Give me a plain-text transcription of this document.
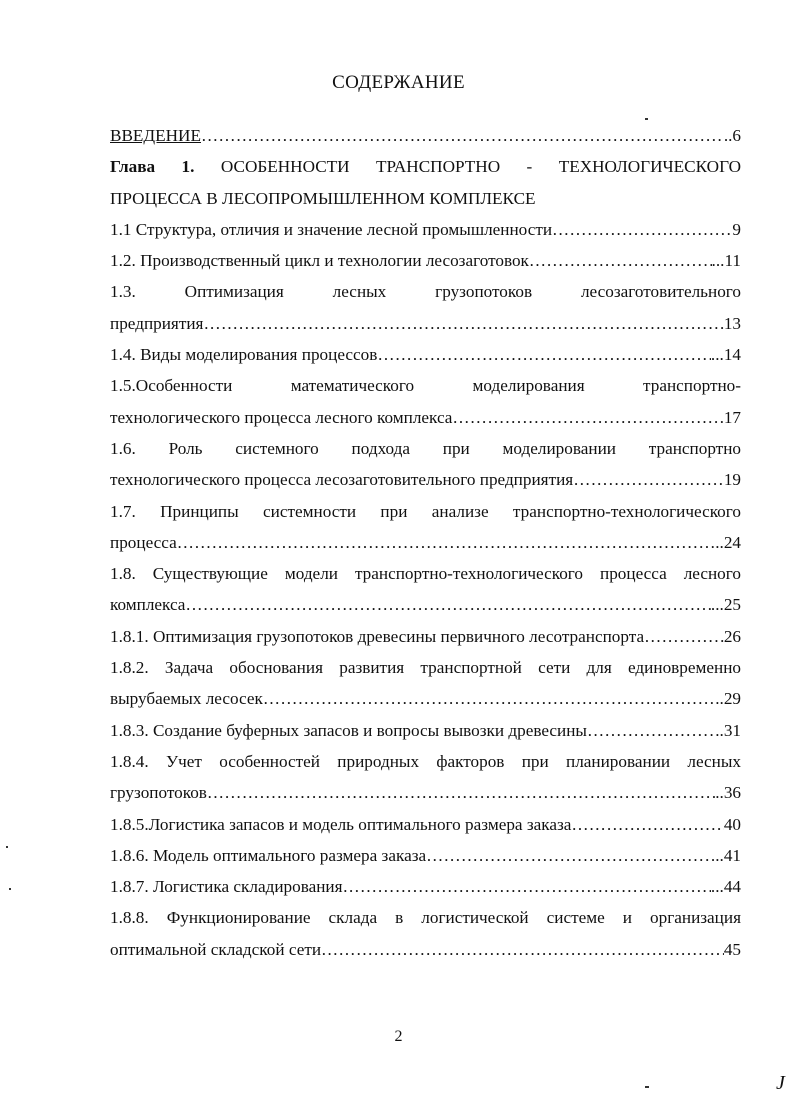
СОДЕРЖАНИЕ
ВВЕДЕНИЕ ……………………………………………………………………………………………………………………………………………………	..6
Глава 1. ОСОБЕННОСТИ ТРАНСПОРТНО - ТЕХНОЛОГИЧЕСКОГО
ПРОЦЕССА В ЛЕСОПРОМЫШЛЕННОМ КОМПЛЕКСЕ
1.1 Структура, отличия и значение лесной промышленности ……………………………………………………………………………………………………………………………………………………	9
1.2. Производственный цикл и технологии лесозаготовок ……………………………………………………………………………………………………………………………………………………	...11
1.3. Оптимизация лесных грузопотоков лесозаготовительного
предприятия ……………………………………………………………………………………………………………………………………………………	13
1.4. Виды моделирования процессов ……………………………………………………………………………………………………………………………………………………	...14
1.5.Особенности математического моделирования транспортно-
технологического процесса лесного комплекса ……………………………………………………………………………………………………………………………………………………	17
1.6. Роль системного подхода при моделировании транспортно
технологического процесса лесозаготовительного предприятия ……………………………………………………………………………………………………………………………………………………	19
1.7. Принципы системности при анализе транспортно-технологического
процесса ……………………………………………………………………………………………………………………………………………………	..24
1.8. Существующие модели транспортно-технологического процесса лесного
комплекса ……………………………………………………………………………………………………………………………………………………	...25
1.8.1. Оптимизация грузопотоков древесины первичного лесотранспорта ……………………………………………………………………………………………………………………………………………………	26
1.8.2. Задача обоснования развития транспортной сети для единовременно
вырубаемых лесосек ……………………………………………………………………………………………………………………………………………………	..29
1.8.3. Создание буферных запасов и вопросы вывозки древесины ……………………………………………………………………………………………………………………………………………………	..31
1.8.4. Учет особенностей природных факторов при планировании лесных
грузопотоков ……………………………………………………………………………………………………………………………………………………	..36
1.8.5.Логистика запасов и модель оптимального размера заказа ……………………………………………………………………………………………………………………………………………………	40
1.8.6. Модель оптимального размера заказа ……………………………………………………………………………………………………………………………………………………	...41
1.8.7. Логистика складирования ……………………………………………………………………………………………………………………………………………………	...44
1.8.8. Функционирование склада в логистической системе и организация
оптимальной складской сети ……………………………………………………………………………………………………………………………………………………	45
2
J
